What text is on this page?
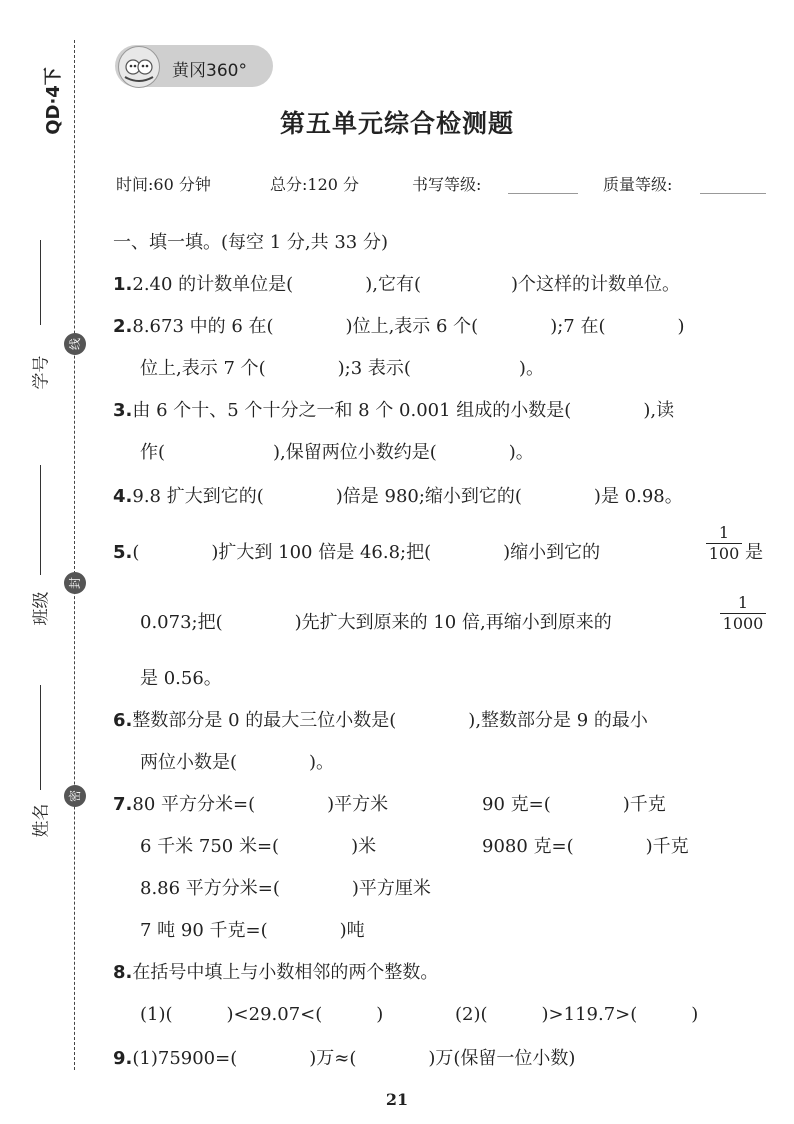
QD·4下
学号
班级
姓名
线
封
密
黄冈360°
第五单元综合检测题
时间:60 分钟	总分:120 分	书写等级:	质量等级:
一、填一填。(每空 1 分,共 33 分)
1.2.40 的计数单位是(　　　　),它有(　　　　　)个这样的计数单位。
2.8.673 中的 6 在(　　　　)位上,表示 6 个(　　　　);7 在(　　　　)
位上,表示 7 个(　　　　);3 表示(　　　　　　)。
3.由 6 个十、5 个十分之一和 8 个 0.001 组成的小数是(　　　　),读
作(　　　　　　),保留两位小数约是(　　　　)。
4.9.8 扩大到它的(　　　　)倍是 980;缩小到它的(　　　　)是 0.98。
5.(　　　　)扩大到 100 倍是 46.8;把(　　　　)缩小到它的
1
100 是
0.073;把(　　　　)先扩大到原来的 10 倍,再缩小到原来的
1
1000
是 0.56。
6.整数部分是 0 的最大三位小数是(　　　　),整数部分是 9 的最小
两位小数是(　　　　)。
7.80 平方分米=(　　　　)平方米	90 克=(　　　　)千克
6 千米 750 米=(　　　　)米	9080 克=(　　　　)千克
8.86 平方分米=(　　　　)平方厘米
7 吨 90 千克=(　　　　)吨
8.在括号中填上与小数相邻的两个整数。
(1)(　　　)<29.07<(　　　)	(2)(　　　)>119.7>(　　　)
9.(1)75900=(　　　　)万≈(　　　　)万(保留一位小数)
21
